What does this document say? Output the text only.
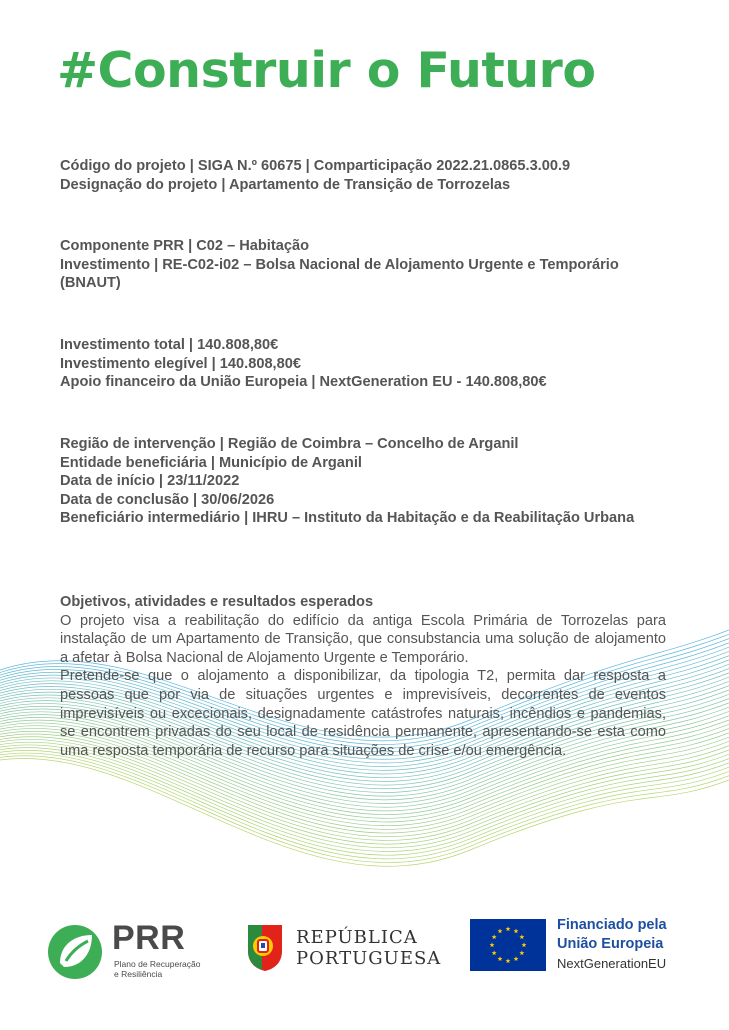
#Construir o Futuro

Código do projeto | SIGA N.º 60675 | Comparticipação 2022.21.0865.3.00.9

Designação do projeto | Apartamento de Transição de Torrozelas

Componente PRR | C02 – Habitação

Investimento | RE-C02-i02 – Bolsa Nacional de Alojamento Urgente e Temporário (BNAUT)

Investimento total | 140.808,80€

Investimento elegível | 140.808,80€

Apoio financeiro da União Europeia | NextGeneration EU - 140.808,80€

Região de intervenção | Região de Coimbra – Concelho de Arganil

Entidade beneficiária | Município de Arganil

Data de início | 23/11/2022

Data de conclusão | 30/06/2026

Beneficiário intermediário | IHRU – Instituto da Habitação e da Reabilitação Urbana

Objetivos, atividades e resultados esperados

O projeto visa a reabilitação do edifício da antiga Escola Primária de Torrozelas para instalação de um Apartamento de Transição, que consubstancia uma solução de alojamento a afetar à Bolsa Nacional de Alojamento Urgente e Temporário.

Pretende-se que o alojamento a disponibilizar, da tipologia T2, permita dar resposta a pessoas que por via de situações urgentes e imprevisíveis, decorrentes de eventos imprevisíveis ou excecionais, designadamente catástrofes naturais, incêndios e pandemias, se encontrem privadas do seu local de residência permanente, apresentando-se esta como uma resposta temporária de recurso para situações de crise e/ou emergência.

PRR
Plano de Recuperação
e Resiliência
REPÚBLICA
PORTUGUESA
Financiado pela
União Europeia
NextGenerationEU
